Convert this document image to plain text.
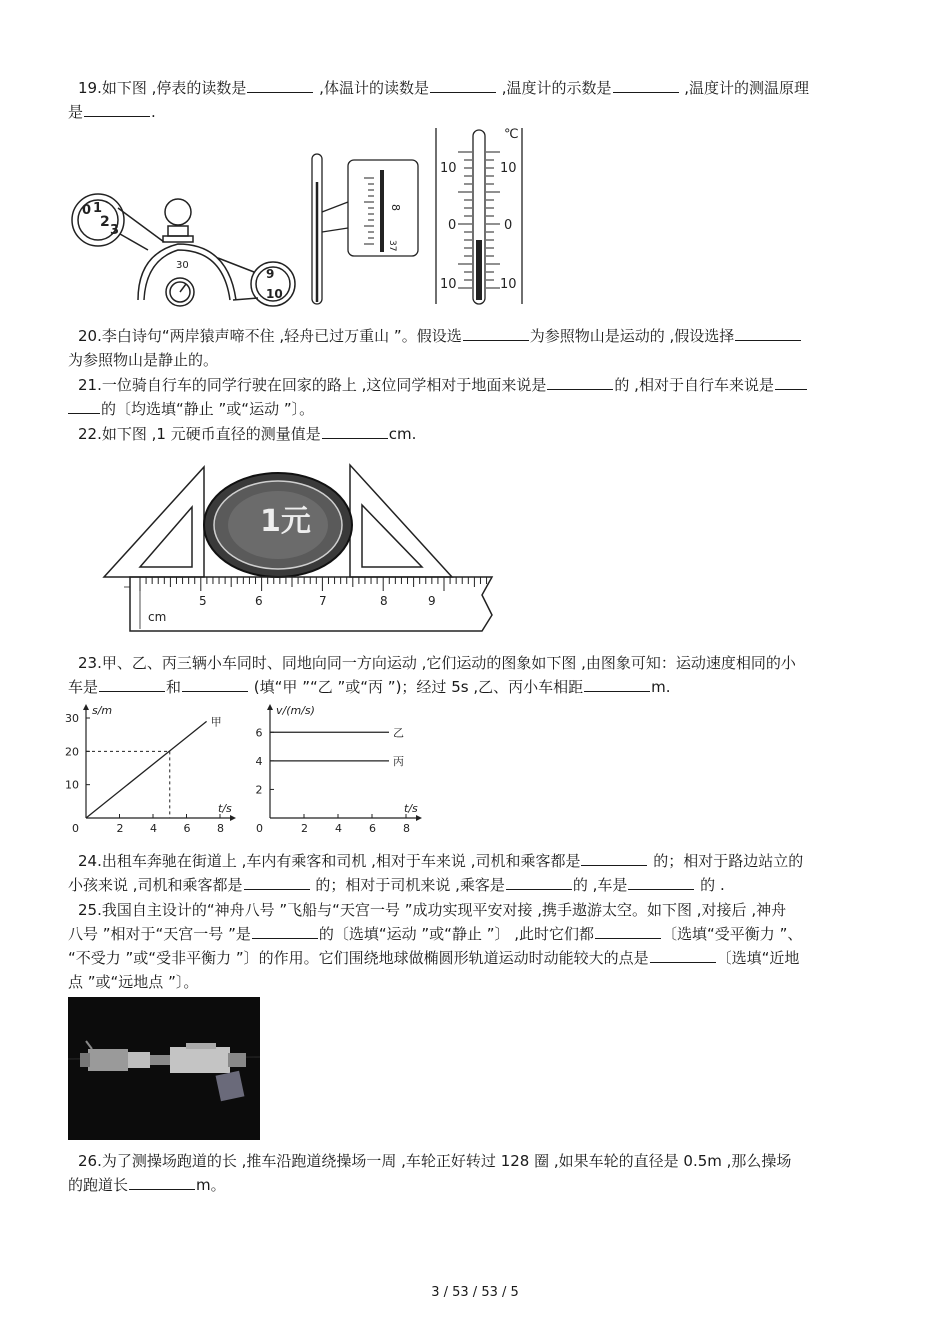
19.如下图 ,停表的读数是	,体温计的读数是	,温度计的示数是	,温度计的测温原理
是	.
30
0 1
2
3
9
10
8
37
℃
10	10
0	0
10	10
20.李白诗句“两岸猿声啼不住 ,轻舟已过万重山 ”。假设选	为参照物山是运动的 ,假设选择
为参照物山是静止的。
21.一位骑自行车的同学行驶在回家的路上 ,这位同学相对于地面来说是	的 ,相对于自行车来说是
的〔均选填“静止 ”或“运动 ”〕。
22.如下图 ,1 元硬币直径的测量值是	cm.
1元
cm
5	6	7	8	9
23.甲、乙、丙三辆小车同时、同地向同一方向运动 ,它们运动的图象如下图 ,由图象可知：运动速度相同的小
车是	和	(填“甲 ”“乙 ”或“丙 ”)；经过 5s ,乙、丙小车相距	m.
s/m
t/s
0	2 4 6 8
10
20
30	甲
v/(m/s)
t/s
0	2 4 6 8
2
4
6	乙
丙
24.出租车奔驰在街道上 ,车内有乘客和司机 ,相对于车来说 ,司机和乘客都是	的；相对于路边站立的
小孩来说 ,司机和乘客都是	的；相对于司机来说 ,乘客是	的 ,车是	的 .
25.我国自主设计的“神舟八号 ”飞船与“天宫一号 ”成功实现平安对接 ,携手遨游太空。如下图 ,对接后 ,神舟
八号 ”相对于“天宫一号 ”是	的〔选填“运动 ”或“静止 ”〕 ,此时它们都	〔选填“受平衡力 ”、
“不受力 ”或“受非平衡力 ”〕的作用。它们围绕地球做椭圆形轨道运动时动能较大的点是	〔选填“近地
点 ”或“远地点 ”〕。
26.为了测操场跑道的长 ,推车沿跑道绕操场一周 ,车轮正好转过 128 圈 ,如果车轮的直径是 0.5m ,那么操场
的跑道长	m。
3 / 53 / 53 / 5
